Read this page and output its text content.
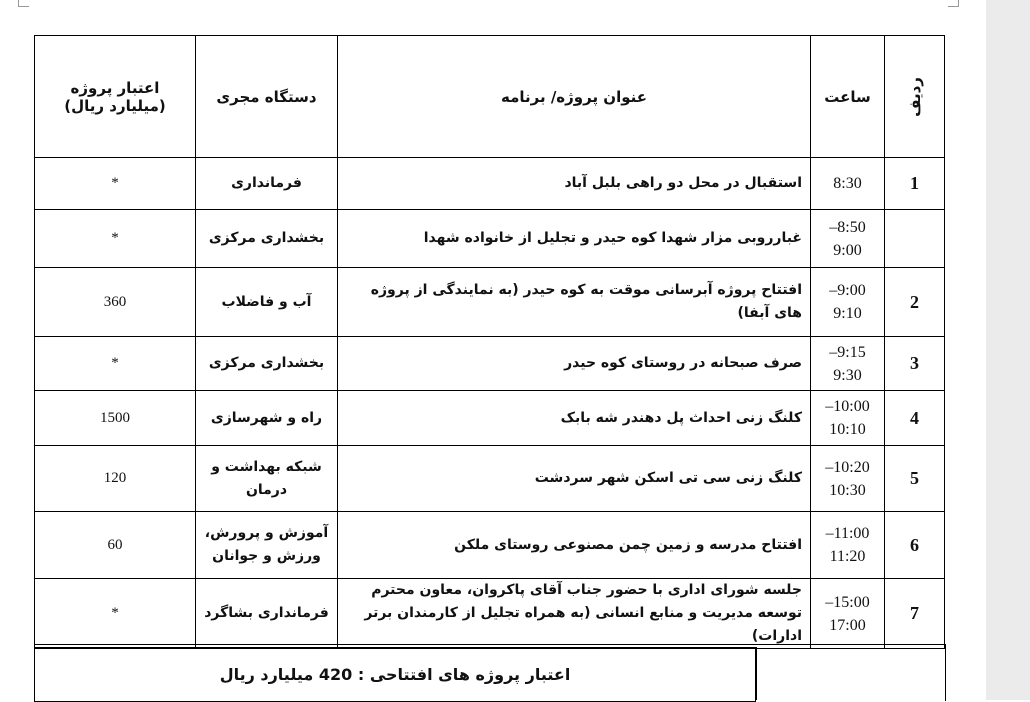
ردیف	ساعت	عنوان پروژه/ برنامه	دستگاه مجری	اعتبار پروژه
(میلیارد ریال)

1	8:30	استقبال در محل دو راهی بلبل آباد	فرمانداری	*

	8:50–
9:00	غبارروبی مزار شهدا کوه حیدر و تجلیل از خانواده شهدا	بخشداری مرکزی	*
2	9:00–
9:10	افتتاح پروژه آبرسانی موقت به کوه حیدر (به نمایندگی از پروژه های آبفا)	آب و فاضلاب	360
3	9:15–
9:30	صرف صبحانه در روستای کوه حیدر	بخشداری مرکزی	*
4	10:00–
10:10	کلنگ زنی احداث پل دهندر شه بابک	راه و شهرسازی	1500
5	10:20–
10:30	کلنگ زنی سی تی اسکن شهر سردشت	شبکه بهداشت و درمان	120
6	11:00–
11:20	افتتاح مدرسه و زمین چمن مصنوعی روستای ملکن	آموزش و پرورش، ورزش و جوانان	60
7	15:00–
17:00	جلسه شورای اداری با حضور جناب آقای پاکروان، معاون محترم توسعه مدیریت و منابع انسانی (به همراه تجلیل از کارمندان برتر ادارات)	فرمانداری بشاگرد	*
اعتبار پروژه های افتتاحی : 420 میلیارد ریال
